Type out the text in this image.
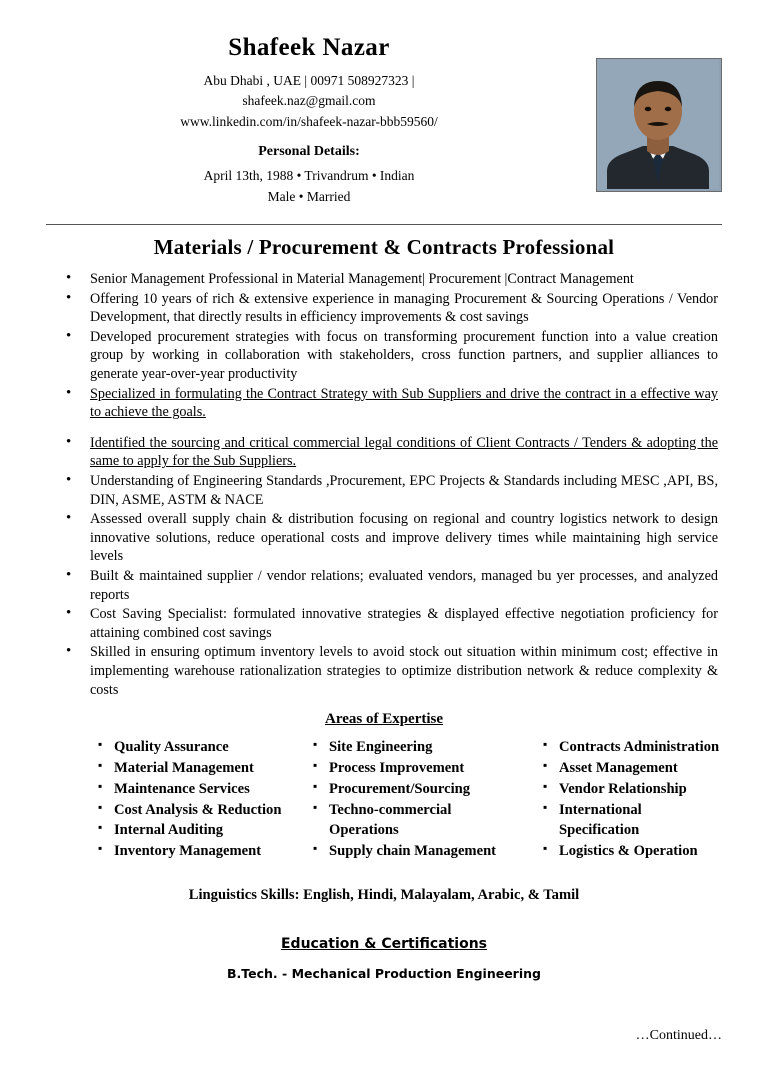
Shafeek Nazar
Abu Dhabi , UAE | 00971 508927323 |
shafeek.naz@gmail.com
www.linkedin.com/in/shafeek-nazar-bbb59560/
Personal Details:
April 13th, 1988 • Trivandrum • Indian
Male • Married
Materials / Procurement & Contracts Professional
• Senior Management Professional in Material Management| Procurement |Contract Management
• Offering 10 years of rich & extensive experience in managing Procurement & Sourcing Operations / Vendor Development, that directly results in efficiency improvements & cost savings
• Developed procurement strategies with focus on transforming procurement function into a value creation group by working in collaboration with stakeholders, cross function partners, and supplier alliances to generate year-over-year productivity
• Specialized in formulating the Contract Strategy with Sub Suppliers and drive the contract in a effective way to achieve the goals.
• Identified the sourcing and critical commercial legal conditions of Client Contracts / Tenders & adopting the same to apply for the Sub Suppliers.
• Understanding of Engineering Standards ,Procurement, EPC Projects & Standards including MESC ,API, BS, DIN, ASME, ASTM & NACE
• Assessed overall supply chain & distribution focusing on regional and country logistics network to design innovative solutions, reduce operational costs and improve delivery times while maintaining high service levels
• Built & maintained supplier / vendor relations; evaluated vendors, managed bu yer processes, and analyzed reports
• Cost Saving Specialist: formulated innovative strategies & displayed effective negotiation proficiency for attaining combined cost savings
• Skilled in ensuring optimum inventory levels to avoid stock out situation within minimum cost; effective in implementing warehouse rationalization strategies to optimize distribution network & reduce complexity & costs
Areas of Expertise
▪ Quality Assurance
▪ Material Management
▪ Maintenance Services
▪ Cost Analysis & Reduction
▪ Internal Auditing
▪ Inventory Management
▪ Site Engineering
▪ Process Improvement
▪ Procurement/Sourcing
▪ Techno-commercial
Operations
▪ Supply chain Management
▪ Contracts Administration
▪ Asset Management
▪ Vendor Relationship
▪ International
Specification
▪ Logistics & Operation
Linguistics Skills: English, Hindi, Malayalam, Arabic, & Tamil
Education & Certifications
B.Tech. - Mechanical Production Engineering
…Continued…
